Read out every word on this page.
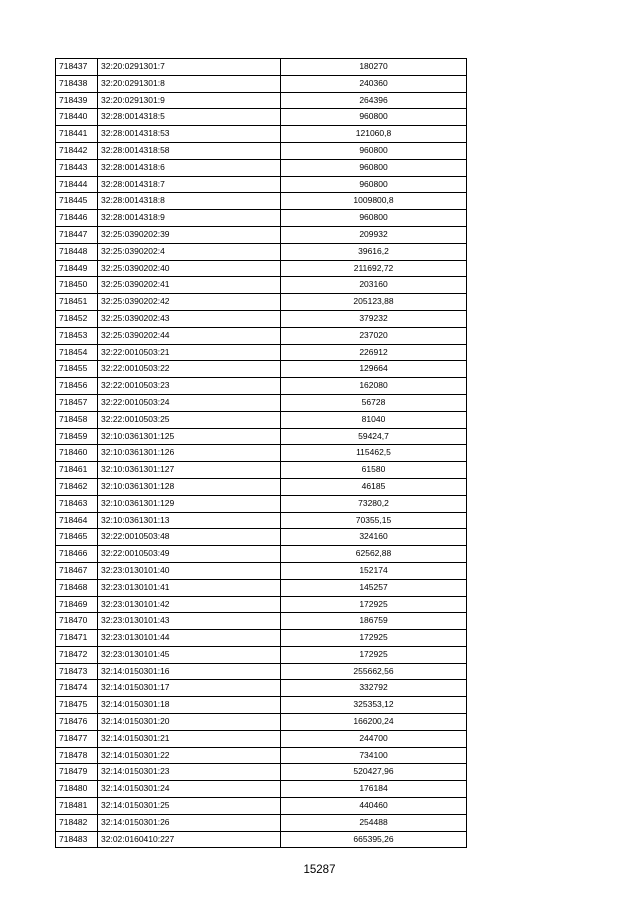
718437	32:20:0291301:7	180270
718438	32:20:0291301:8	240360
718439	32:20:0291301:9	264396
718440	32:28:0014318:5	960800
718441	32:28:0014318:53	121060,8
718442	32:28:0014318:58	960800
718443	32:28:0014318:6	960800
718444	32:28:0014318:7	960800
718445	32:28:0014318:8	1009800,8
718446	32:28:0014318:9	960800
718447	32:25:0390202:39	209932
718448	32:25:0390202:4	39616,2
718449	32:25:0390202:40	211692,72
718450	32:25:0390202:41	203160
718451	32:25:0390202:42	205123,88
718452	32:25:0390202:43	379232
718453	32:25:0390202:44	237020
718454	32:22:0010503:21	226912
718455	32:22:0010503:22	129664
718456	32:22:0010503:23	162080
718457	32:22:0010503:24	56728
718458	32:22:0010503:25	81040
718459	32:10:0361301:125	59424,7
718460	32:10:0361301:126	115462,5
718461	32:10:0361301:127	61580
718462	32:10:0361301:128	46185
718463	32:10:0361301:129	73280,2
718464	32:10:0361301:13	70355,15
718465	32:22:0010503:48	324160
718466	32:22:0010503:49	62562,88
718467	32:23:0130101:40	152174
718468	32:23:0130101:41	145257
718469	32:23:0130101:42	172925
718470	32:23:0130101:43	186759
718471	32:23:0130101:44	172925
718472	32:23:0130101:45	172925
718473	32:14:0150301:16	255662,56
718474	32:14:0150301:17	332792
718475	32:14:0150301:18	325353,12
718476	32:14:0150301:20	166200,24
718477	32:14:0150301:21	244700
718478	32:14:0150301:22	734100
718479	32:14:0150301:23	520427,96
718480	32:14:0150301:24	176184
718481	32:14:0150301:25	440460
718482	32:14:0150301:26	254488
718483	32:02:0160410:227	665395,26
15287
